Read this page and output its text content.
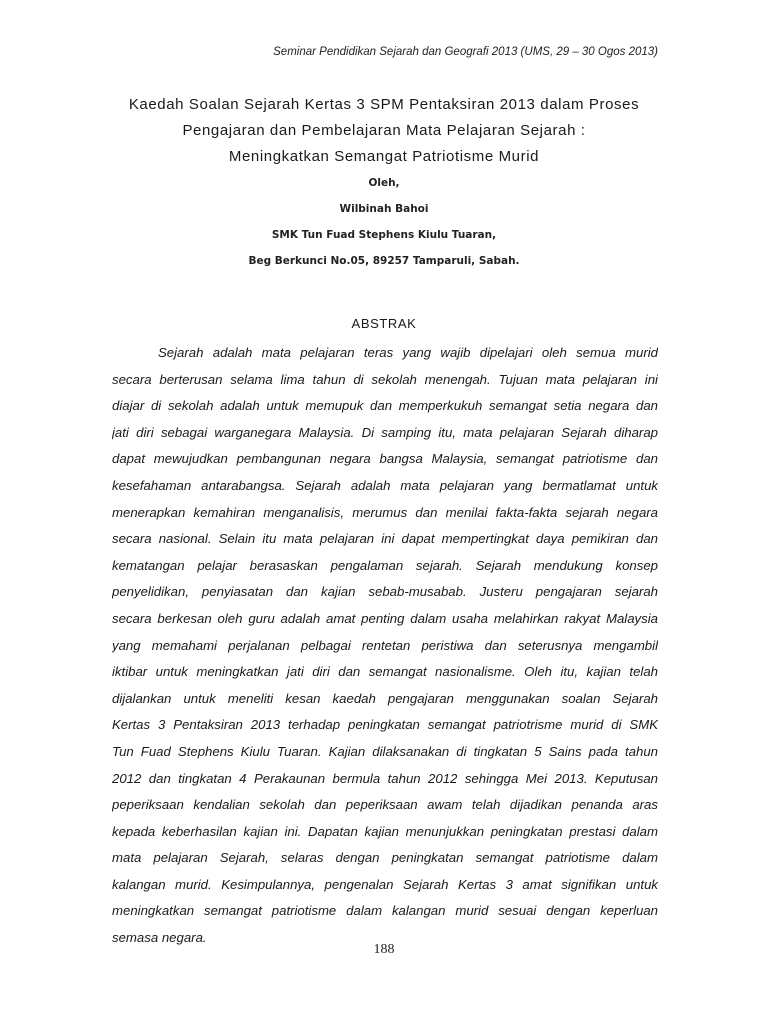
Seminar Pendidikan Sejarah dan Geografi 2013 (UMS, 29 – 30 Ogos 2013)
Kaedah Soalan Sejarah Kertas 3 SPM Pentaksiran 2013 dalam Proses
Pengajaran dan Pembelajaran Mata Pelajaran Sejarah :
Meningkatkan Semangat Patriotisme Murid
Oleh,
Wilbinah Bahoi
SMK Tun Fuad Stephens Kiulu Tuaran,
Beg Berkunci No.05, 89257 Tamparuli, Sabah.
ABSTRAK
Sejarah adalah mata pelajaran teras yang wajib dipelajari oleh semua murid
secara berterusan selama lima tahun di sekolah menengah. Tujuan mata pelajaran ini
diajar di sekolah adalah untuk memupuk dan memperkukuh semangat setia negara dan
jati diri sebagai warganegara Malaysia. Di samping itu, mata pelajaran Sejarah diharap
dapat mewujudkan pembangunan negara bangsa Malaysia, semangat patriotisme dan
kesefahaman antarabangsa. Sejarah adalah mata pelajaran yang bermatlamat untuk
menerapkan kemahiran menganalisis, merumus dan menilai fakta-fakta sejarah negara
secara nasional. Selain itu mata pelajaran ini dapat mempertingkat daya pemikiran dan
kematangan pelajar berasaskan pengalaman sejarah. Sejarah mendukung konsep
penyelidikan, penyiasatan dan kajian sebab-musabab. Justeru pengajaran sejarah
secara berkesan oleh guru adalah amat penting dalam usaha melahirkan rakyat Malaysia
yang memahami perjalanan pelbagai rentetan peristiwa dan seterusnya mengambil
iktibar untuk meningkatkan jati diri dan semangat nasionalisme. Oleh itu, kajian telah
dijalankan untuk meneliti kesan kaedah pengajaran menggunakan soalan Sejarah
Kertas 3 Pentaksiran 2013 terhadap peningkatan semangat patriotrisme murid di SMK
Tun Fuad Stephens Kiulu Tuaran. Kajian dilaksanakan di tingkatan 5 Sains pada tahun
2012 dan tingkatan 4 Perakaunan bermula tahun 2012 sehingga Mei 2013. Keputusan
peperiksaan kendalian sekolah dan peperiksaan awam telah dijadikan penanda aras
kepada keberhasilan kajian ini. Dapatan kajian menunjukkan peningkatan prestasi dalam
mata pelajaran Sejarah, selaras dengan peningkatan semangat patriotisme dalam
kalangan murid. Kesimpulannya, pengenalan Sejarah Kertas 3 amat signifikan untuk
meningkatkan semangat patriotisme dalam kalangan murid sesuai dengan keperluan
semasa negara.
188
